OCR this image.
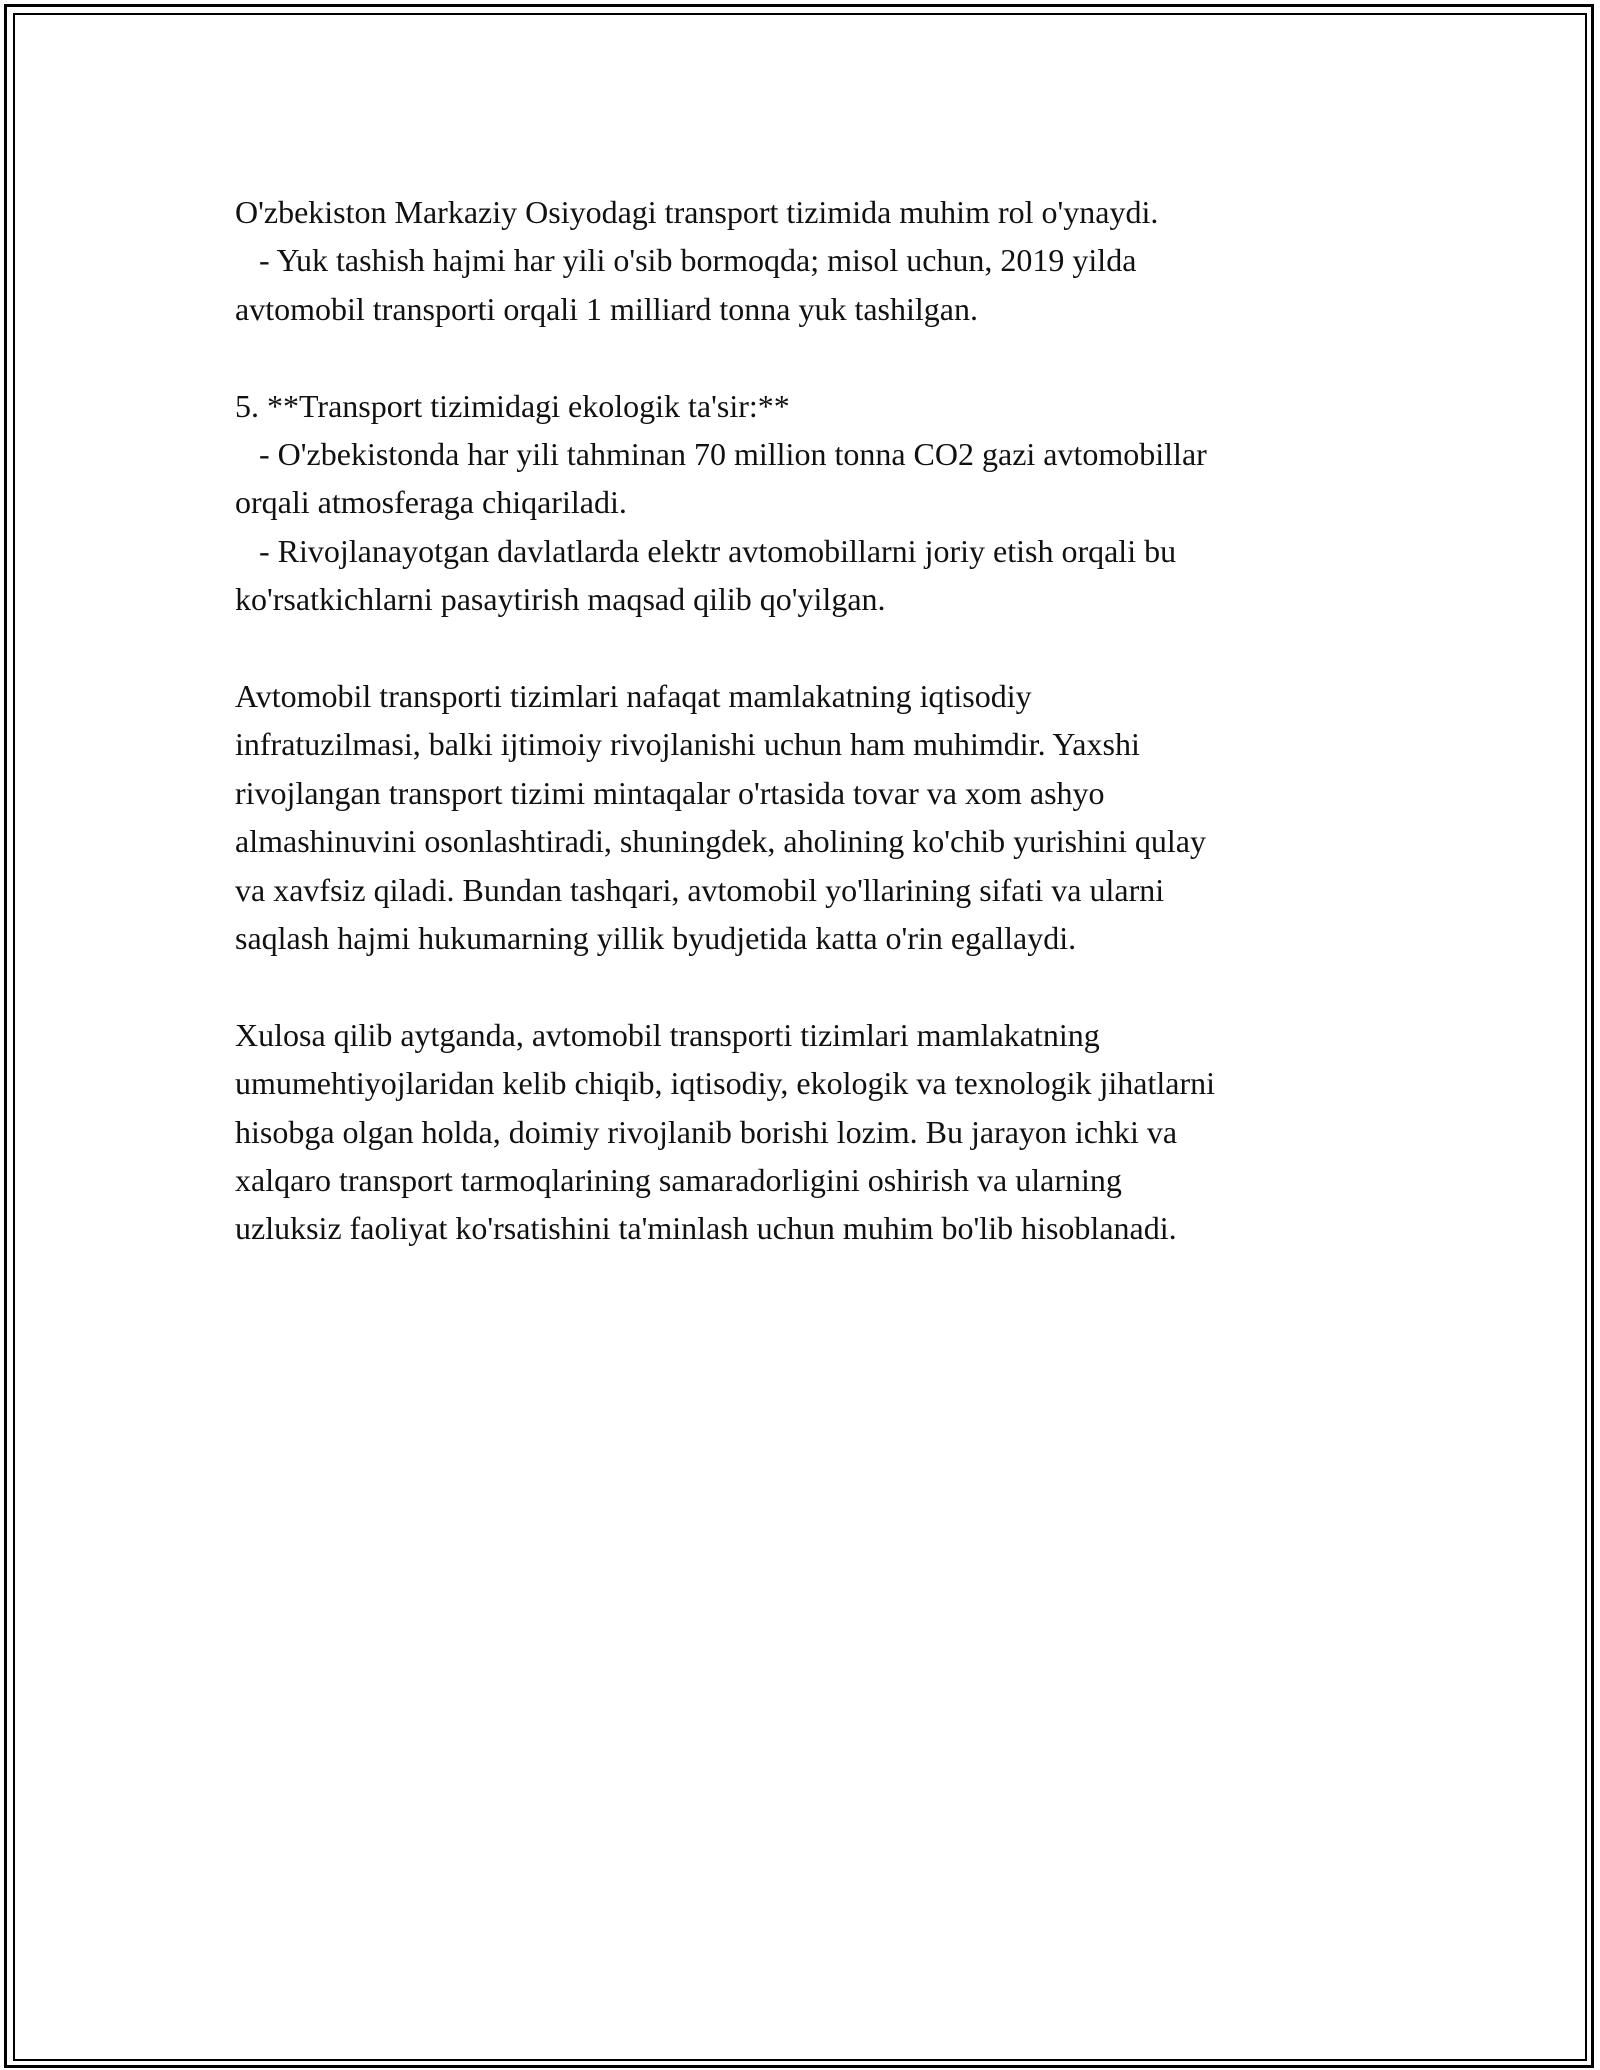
O'zbekiston Markaziy Osiyodagi transport tizimida muhim rol o'ynaydi.
- Yuk tashish hajmi har yili o'sib bormoqda; misol uchun, 2019 yilda
avtomobil transporti orqali 1 milliard tonna yuk tashilgan.

5. **Transport tizimidagi ekologik ta'sir:**
- O'zbekistonda har yili tahminan 70 million tonna CO2 gazi avtomobillar
orqali atmosferaga chiqariladi.
- Rivojlanayotgan davlatlarda elektr avtomobillarni joriy etish orqali bu
ko'rsatkichlarni pasaytirish maqsad qilib qo'yilgan.

Avtomobil transporti tizimlari nafaqat mamlakatning iqtisodiy
infratuzilmasi, balki ijtimoiy rivojlanishi uchun ham muhimdir. Yaxshi
rivojlangan transport tizimi mintaqalar o'rtasida tovar va xom ashyo
almashinuvini osonlashtiradi, shuningdek, aholining ko'chib yurishini qulay
va xavfsiz qiladi. Bundan tashqari, avtomobil yo'llarining sifati va ularni
saqlash hajmi hukumarning yillik byudjetida katta o'rin egallaydi.

Xulosa qilib aytganda, avtomobil transporti tizimlari mamlakatning
umumehtiyojlaridan kelib chiqib, iqtisodiy, ekologik va texnologik jihatlarni
hisobga olgan holda, doimiy rivojlanib borishi lozim. Bu jarayon ichki va
xalqaro transport tarmoqlarining samaradorligini oshirish va ularning
uzluksiz faoliyat ko'rsatishini ta'minlash uchun muhim bo'lib hisoblanadi.
